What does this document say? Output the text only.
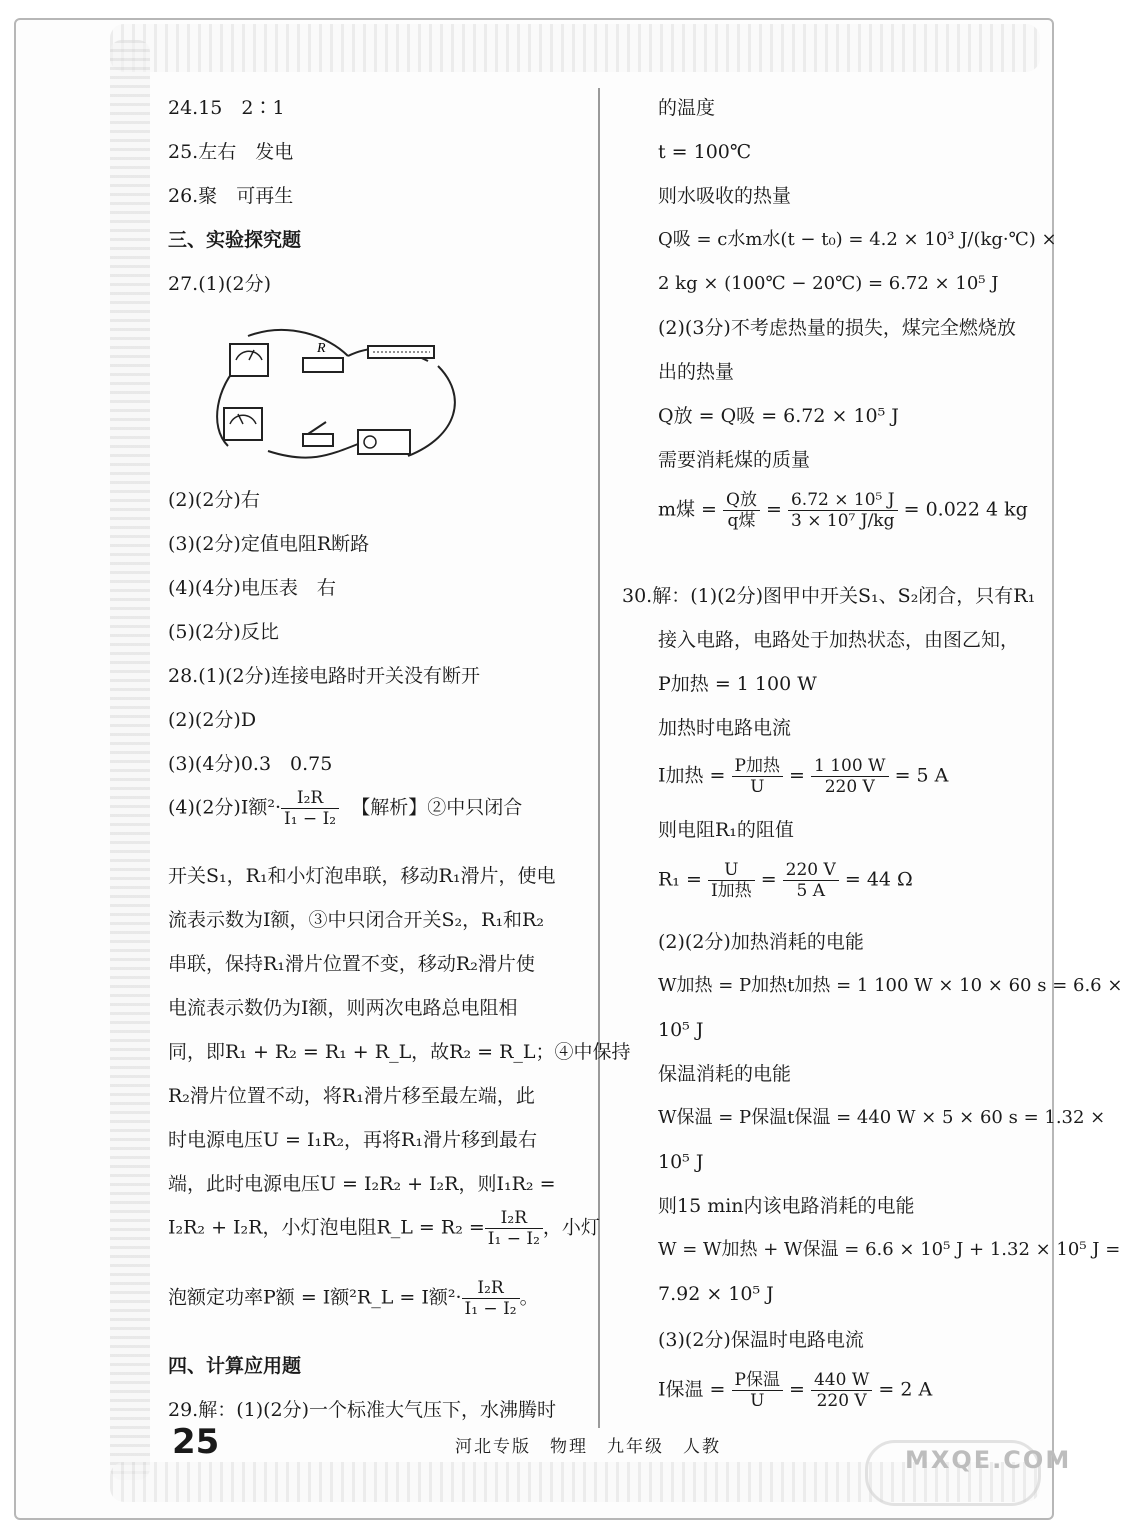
24.15　2∶1
25.左右　发电
26.聚　可再生
三、实验探究题
27.(1)(2分)
R
(2)(2分)右
(3)(2分)定值电阻R断路
(4)(4分)电压表　右
(5)(2分)反比
28.(1)(2分)连接电路时开关没有断开
(2)(2分)D
(3)(4分)0.3　0.75
(4)(2分)I额$^2\cdot \frac{\text{I₂R}}{\text{I₁ − I₂}}$ 【解析】②中只闭合
开关S₁，R₁和小灯泡串联，移动R₁滑片，使电
流表示数为I额，③中只闭合开关S₂，R₁和R₂
串联，保持R₁滑片位置不变，移动R₂滑片使
电流表示数仍为I额，则两次电路总电阻相
同，即R₁ + R₂ = R₁ + R_L，故R₂ = R_L；④中保持
R₂滑片位置不动，将R₁滑片移至最左端，此
时电源电压U = I₁R₂，再将R₁滑片移到最右
端，此时电源电压U = I₂R₂ + I₂R，则I₁R₂ =
I₂R₂ + I₂R，小灯泡电阻R_L = $R_2 = \frac{\text{I₂R}}{\text{I₁ − I₂}}$ ，小灯
泡额定功率P额 = I额²R_L = I额$^2\cdot \frac{\text{I₂R}}{\text{I₁ − I₂}}$ 。
四、计算应用题
29.解：(1)(2分)一个标准大气压下，水沸腾时
的温度
t = 100℃
则水吸收的热量
Q吸 = c水m水(t − t₀) = 4.2 × 10³ J/(kg·℃) ×
2 kg × (100℃ − 20℃) = 6.72 × 10⁵ J
(2)(3分)不考虑热量的损失，煤完全燃烧放
出的热量
Q放 = Q吸 = 6.72 × 10⁵ J
需要消耗煤的质量
m煤 = $\frac{\text{Q放}}{\text{q煤}} = \frac{\text{6.72 × 10⁵ J}}{\text{3 × 10⁷ J/kg}} = 0.022$ 4 kg
30.解：(1)(2分)图甲中开关S₁、S₂闭合，只有R₁
接入电路，电路处于加热状态，由图乙知，
P加热 = 1 100 W
加热时电路电流
I加热 = $\frac{\text{P加热}}{U} = \frac{1 100 W}{220 V} = 5$ A
则电阻R₁的阻值
$R_1 = \frac{U}{\text{I加热}} = \frac{220 V}{5 A} = 44$ Ω
(2)(2分)加热消耗的电能
W加热 = P加热t加热 = 1 100 W × 10 × 60 s = 6.6 ×
10⁵ J
保温消耗的电能
W保温 = P保温t保温 = 440 W × 5 × 60 s = 1.32 ×
10⁵ J
则15 min内该电路消耗的电能
W = W加热 + W保温 = 6.6 × 10⁵ J + 1.32 × 10⁵ J =
7.92 × 10⁵ J
(3)(2分)保温时电路电流
I保温 = $\frac{\text{P保温}}{U} = \frac{440 W}{220 V} = 2$ A
25	河北专版　物理　九年级　人教	MXQE.COM
